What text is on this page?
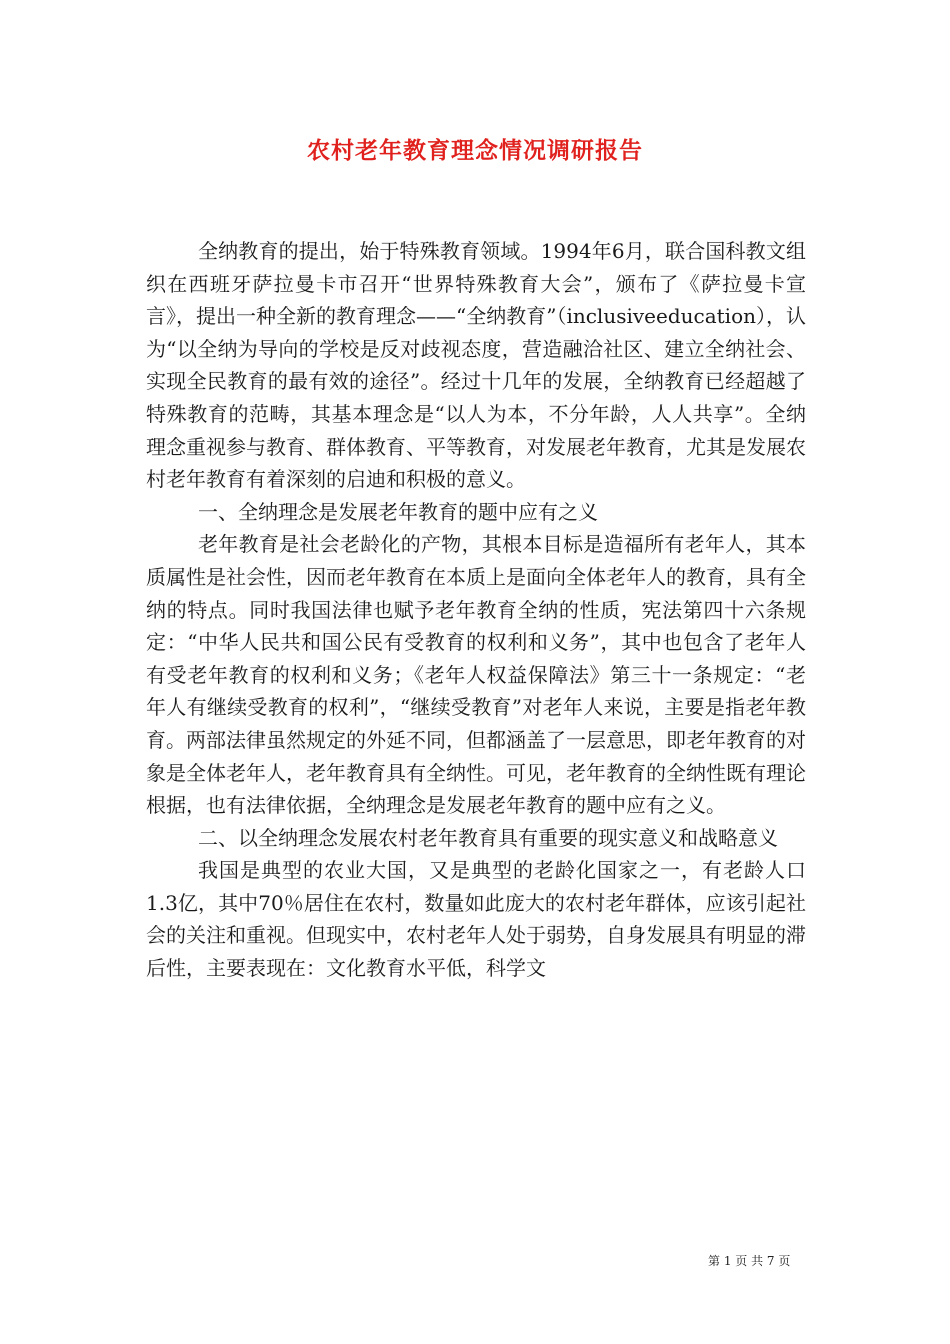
农村老年教育理念情况调研报告

全纳教育的提出，始于特殊教育领域。1994年6月，联合国科教文组织在西班牙萨拉曼卡市召开“世界特殊教育大会”，颁布了《萨拉曼卡宣言》，提出一种全新的教育理念——“全纳教育”（inclusiveeducation），认为“以全纳为导向的学校是反对歧视态度，营造融洽社区、建立全纳社会、实现全民教育的最有效的途径”。经过十几年的发展，全纳教育已经超越了特殊教育的范畴，其基本理念是“以人为本，不分年龄，人人共享”。全纳理念重视参与教育、群体教育、平等教育，对发展老年教育，尤其是发展农村老年教育有着深刻的启迪和积极的意义。

一、全纳理念是发展老年教育的题中应有之义

老年教育是社会老龄化的产物，其根本目标是造福所有老年人，其本质属性是社会性，因而老年教育在本质上是面向全体老年人的教育，具有全纳的特点。同时我国法律也赋予老年教育全纳的性质，宪法第四十六条规定：“中华人民共和国公民有受教育的权利和义务”，其中也包含了老年人有受老年教育的权利和义务；《老年人权益保障法》第三十一条规定：“老年人有继续受教育的权利”，“继续受教育”对老年人来说，主要是指老年教育。两部法律虽然规定的外延不同，但都涵盖了一层意思，即老年教育的对象是全体老年人，老年教育具有全纳性。可见，老年教育的全纳性既有理论根据，也有法律依据，全纳理念是发展老年教育的题中应有之义。

二、以全纳理念发展农村老年教育具有重要的现实意义和战略意义

我国是典型的农业大国，又是典型的老龄化国家之一，有老龄人口1.3亿，其中70％居住在农村，数量如此庞大的农村老年群体，应该引起社会的关注和重视。但现实中，农村老年人处于弱势，自身发展具有明显的滞后性，主要表现在：文化教育水平低，科学文

第 1 页 共 7 页
